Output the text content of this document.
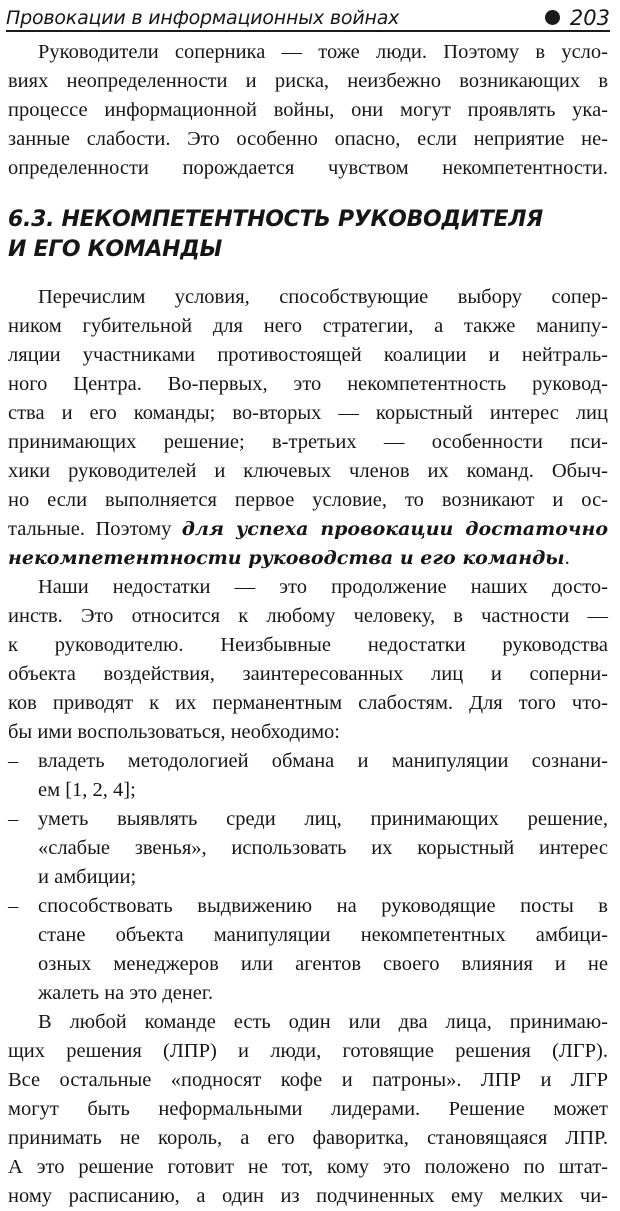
Провокации в информационных войнах	203
Руководители соперника — тоже люди. Поэтому в усло-
виях неопределенности и риска, неизбежно возникающих в
процессе информационной войны, они могут проявлять ука-
занные слабости. Это особенно опасно, если неприятие не-
определенности порождается чувством некомпетентности.
6.3. НЕКОМПЕТЕНТНОСТЬ РУКОВОДИТЕЛЯ
И ЕГО КОМАНДЫ
Перечислим условия, способствующие выбору сопер-
ником губительной для него стратегии, а также манипу-
ляции участниками противостоящей коалиции и нейтраль-
ного Центра. Во-первых, это некомпетентность руковод-
ства и его команды; во-вторых — корыстный интерес лиц
принимающих решение; в-третьих — особенности пси-
хики руководителей и ключевых членов их команд. Обыч-
но если выполняется первое условие, то возникают и ос-
тальные. Поэтому для успеха провокации достаточно
некомпетентности руководства и его команды.
Наши недостатки — это продолжение наших досто-
инств. Это относится к любому человеку, в частности —
к руководителю. Неизбывные недостатки руководства
объекта воздействия, заинтересованных лиц и соперни-
ков приводят к их перманентным слабостям. Для того что-
бы ими воспользоваться, необходимо:
– владеть методологией обмана и манипуляции сознани-
ем [1, 2, 4];
– уметь выявлять среди лиц, принимающих решение,
«слабые звенья», использовать их корыстный интерес
и амбиции;
– способствовать выдвижению на руководящие посты в
стане объекта манипуляции некомпетентных амбици-
озных менеджеров или агентов своего влияния и не
жалеть на это денег.
В любой команде есть один или два лица, принимаю-
щих решения (ЛПР) и люди, готовящие решения (ЛГР).
Все остальные «подносят кофе и патроны». ЛПР и ЛГР
могут быть неформальными лидерами. Решение может
принимать не король, а его фаворитка, становящаяся ЛПР.
А это решение готовит не тот, кому это положено по штат-
ному расписанию, а один из подчиненных ему мелких чи-
